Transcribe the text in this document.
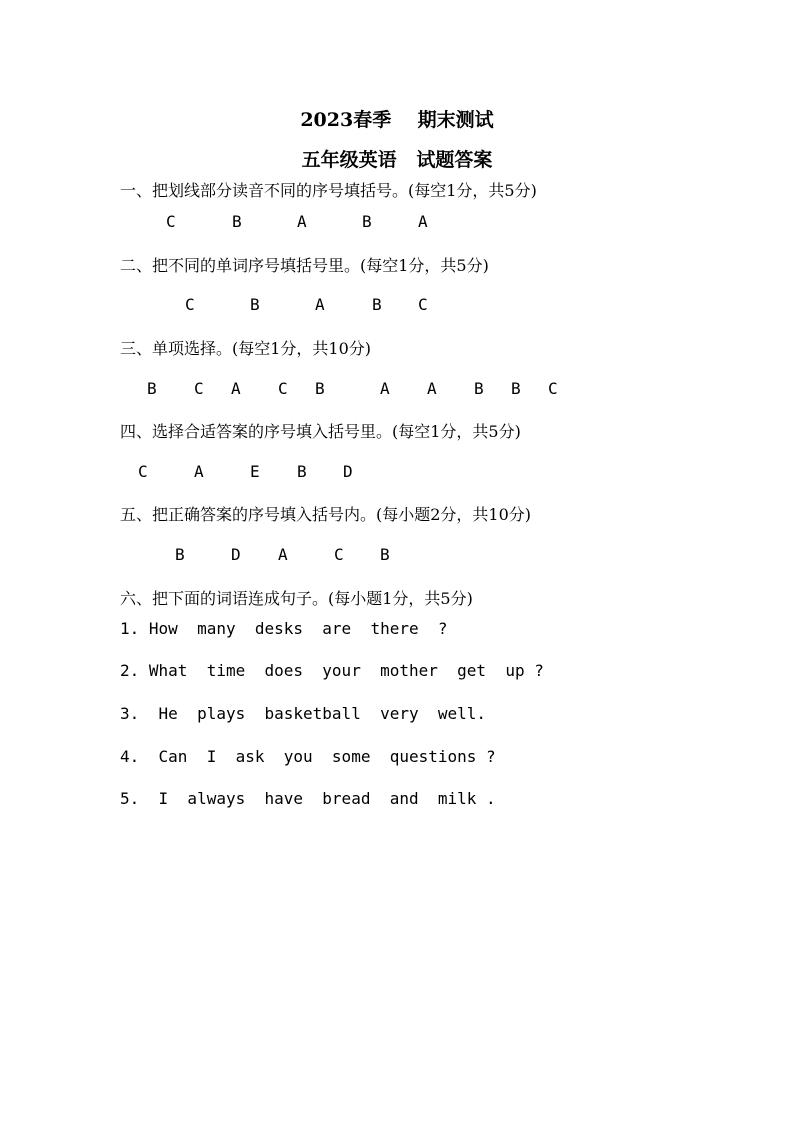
2023春季    期末测试
五年级英语   试题答案
一、把划线部分读音不同的序号填括号。(每空1分，共5分)
二、把不同的单词序号填括号里。(每空1分，共5分)
三、单项选择。(每空1分，共10分)
四、选择合适答案的序号填入括号里。(每空1分，共5分)
五、把正确答案的序号填入括号内。(每小题2分，共10分)
六、把下面的词语连成句子。(每小题1分，共5分)
C	B	A	B	A
C	B	A	B C
B C A C B	A A B B C
C	A	E B D
B	D A	C B
1. How  many  desks  are  there  ?
2. What  time  does  your  mother  get  up ?
3.  He  plays  basketball  very  well.
4.  Can  I  ask  you  some  questions ?
5.  I  always  have  bread  and  milk .
